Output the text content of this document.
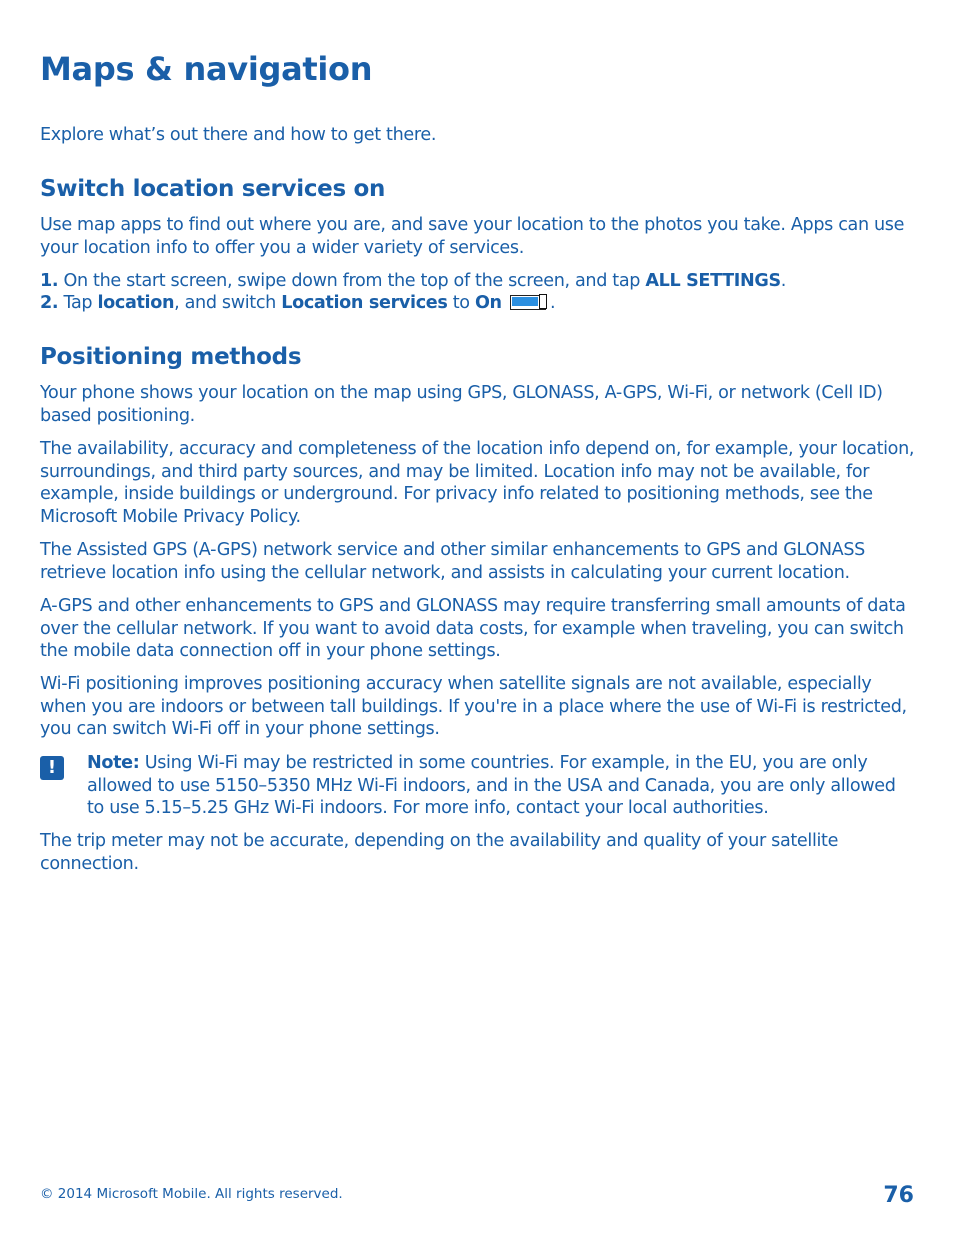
Maps & navigation

Explore what’s out there and how to get there.

Switch location services on

Use map apps to find out where you are, and save your location to the photos you take. Apps can use your location info to offer you a wider variety of services.

1. On the start screen, swipe down from the top of the screen, and tap ALL SETTINGS.

2. Tap location, and switch Location services to On	.

Positioning methods

Your phone shows your location on the map using GPS, GLONASS, A-GPS, Wi-Fi, or network (Cell ID) based positioning.

The availability, accuracy and completeness of the location info depend on, for example, your location, surroundings, and third party sources, and may be limited. Location info may not be available, for example, inside buildings or underground. For privacy info related to positioning methods, see the Microsoft Mobile Privacy Policy.

The Assisted GPS (A-GPS) network service and other similar enhancements to GPS and GLONASS retrieve location info using the cellular network, and assists in calculating your current location.

A-GPS and other enhancements to GPS and GLONASS may require transferring small amounts of data over the cellular network. If you want to avoid data costs, for example when traveling, you can switch the mobile data connection off in your phone settings.

Wi-Fi positioning improves positioning accuracy when satellite signals are not available, especially when you are indoors or between tall buildings. If you're in a place where the use of Wi-Fi is restricted, you can switch Wi-Fi off in your phone settings.

!	Note: Using Wi-Fi may be restricted in some countries. For example, in the EU, you are only allowed to use 5150–5350 MHz Wi-Fi indoors, and in the USA and Canada, you are only allowed to use 5.15–5.25 GHz Wi-Fi indoors. For more info, contact your local authorities.

The trip meter may not be accurate, depending on the availability and quality of your satellite connection.

© 2014 Microsoft Mobile. All rights reserved.	76
